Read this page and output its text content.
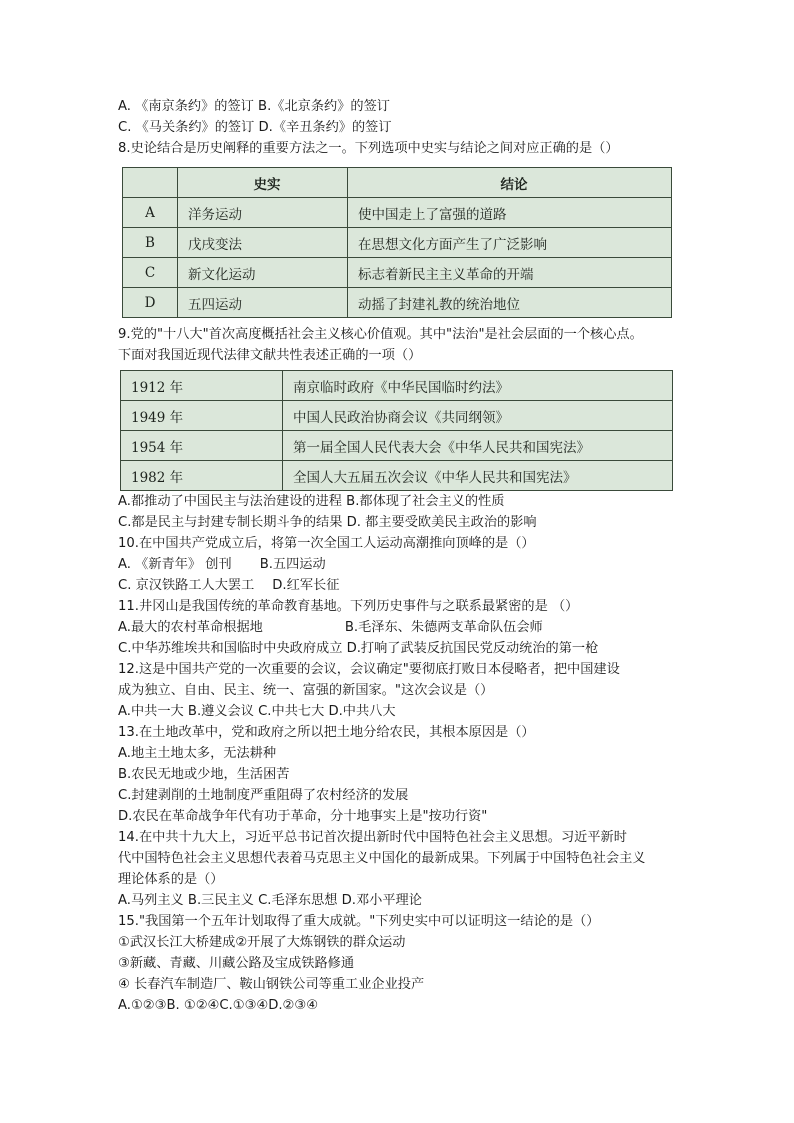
A. 《南京条约》的签订 B.《北京条约》的签订
C. 《马关条约》的签订 D.《辛丑条约》的签订
8.史论结合是历史阐释的重要方法之一。下列选项中史实与结论之间对应正确的是（）
	史实	结论
A	洋务运动	使中国走上了富强的道路
B	戊戌变法	在思想文化方面产生了广泛影响
C	新文化运动	标志着新民主主义革命的开端
D	五四运动	动摇了封建礼教的统治地位
9.党的"十八大"首次高度概括社会主义核心价值观。其中"法治"是社会层面的一个核心点。
下面对我国近现代法律文献共性表述正确的一项（）
1912 年	南京临时政府《中华民国临时约法》
1949 年	中国人民政治协商会议《共同纲领》
1954 年	第一届全国人民代表大会《中华人民共和国宪法》
1982 年	全国人大五届五次会议《中华人民共和国宪法》
A.都推动了中国民主与法治建设的进程 B.都体现了社会主义的性质
C.都是民主与封建专制长期斗争的结果 D. 都主要受欧美民主政治的影响
10.在中国共产党成立后，将第一次全国工人运动高潮推向顶峰的是（）
A. 《新青年》 创刊 B.五四运动
C. 京汉铁路工人大罢工 D.红军长征
11.井冈山是我国传统的革命教育基地。下列历史事件与之联系最紧密的是 （）
A.最大的农村革命根据地	B.毛泽东、朱德两支革命队伍会师
C.中华苏维埃共和国临时中央政府成立 D.打响了武装反抗国民党反动统治的第一枪
12.这是中国共产党的一次重要的会议，会议确定"要彻底打败日本侵略者，把中国建设
成为独立、自由、民主、统一、富强的新国家。"这次会议是（）
A.中共一大 B.遵义会议 C.中共七大 D.中共八大
13.在土地改革中，党和政府之所以把土地分给农民，其根本原因是（）
A.地主土地太多，无法耕种
B.农民无地或少地，生活困苦
C.封建剥削的土地制度严重阻碍了农村经济的发展
D.农民在革命战争年代有功于革命，分十地事实上是"按功行资"
14.在中共十九大上，习近平总书记首次提出新时代中国特色社会主义思想。习近平新时
代中国特色社会主义思想代表着马克思主义中国化的最新成果。下列属于中国特色社会主义
理论体系的是（）
A.马列主义 B.三民主义 C.毛泽东思想 D.邓小平理论
15."我国第一个五年计划取得了重大成就。"下列史实中可以证明这一结论的是（）
①武汉长江大桥建成②开展了大炼钢铁的群众运动
③新藏、青藏、川藏公路及宝成铁路修通
④ 长春汽车制造厂、鞍山钢铁公司等重工业企业投产
A.①②③B. ①②④C.①③④D.②③④
